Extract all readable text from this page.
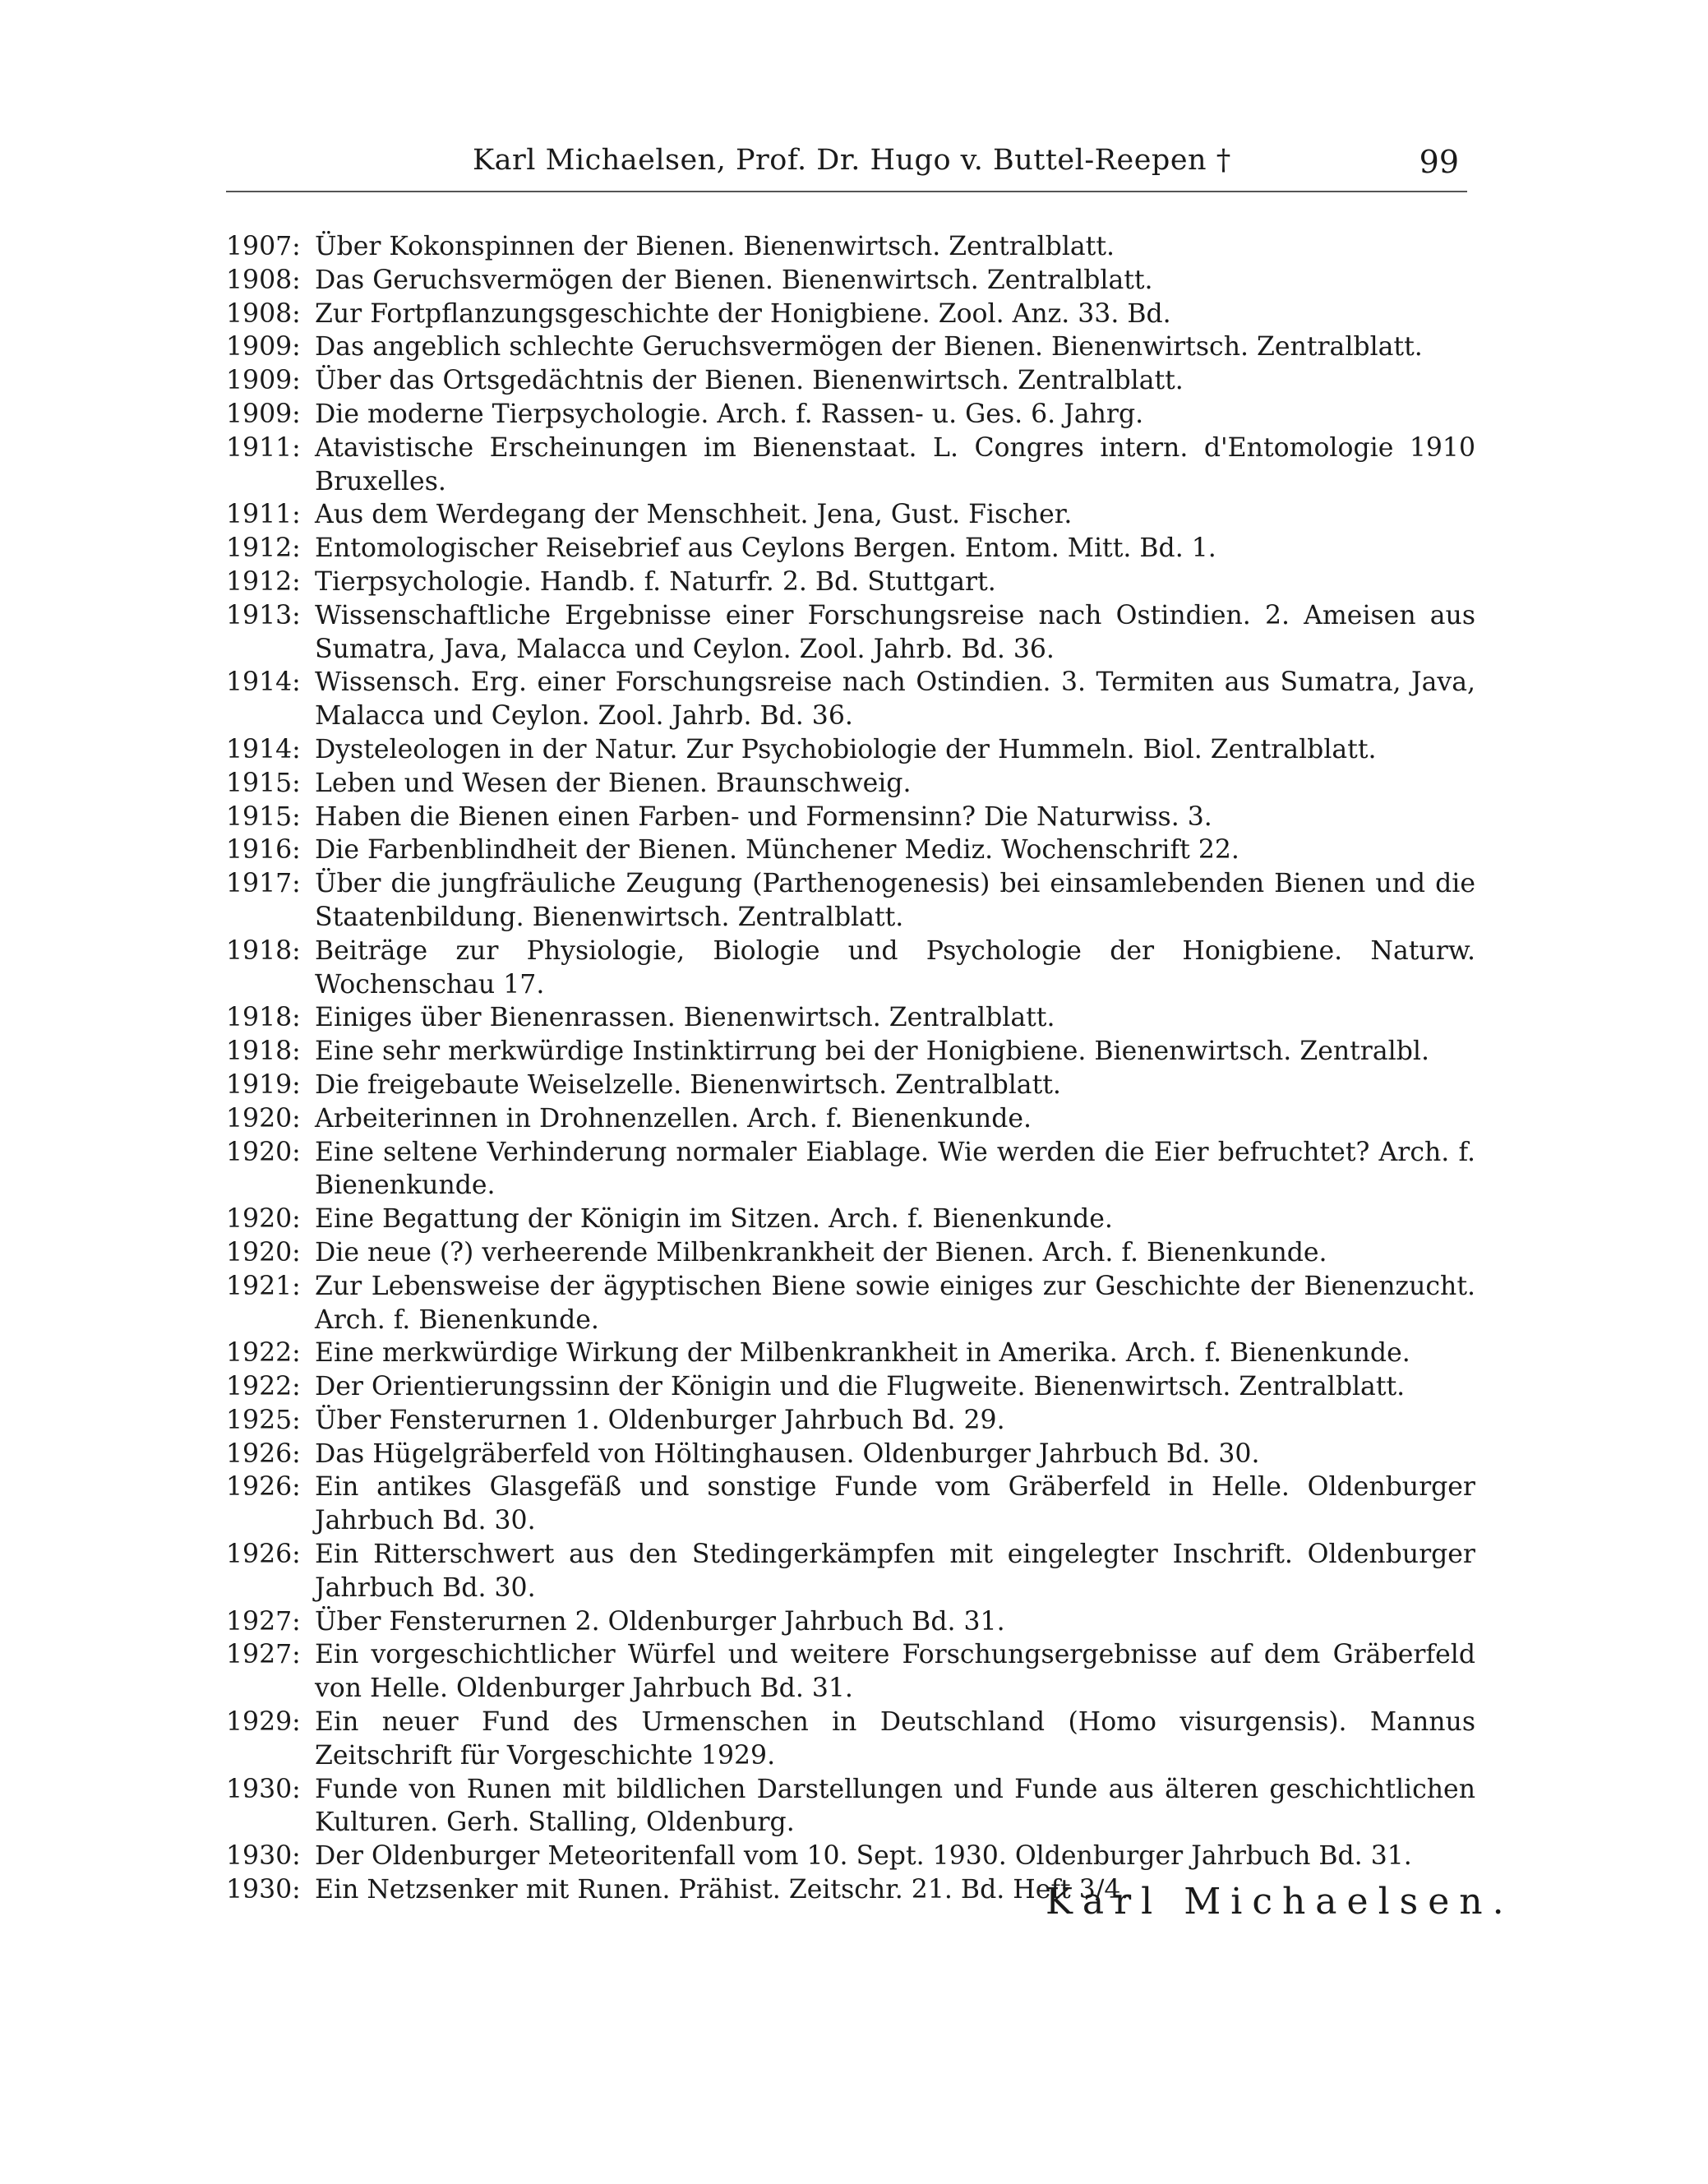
Karl Michaelsen, Prof. Dr. Hugo v. Buttel-Reepen †	99
1907: Über Kokonspinnen der Bienen. Bienenwirtsch. Zentralblatt.
1908: Das Geruchsvermögen der Bienen. Bienenwirtsch. Zentralblatt.
1908: Zur Fortpflanzungsgeschichte der Honigbiene. Zool. Anz. 33. Bd.
1909: Das angeblich schlechte Geruchsvermögen der Bienen. Bienenwirtsch. Zentralblatt.
1909: Über das Ortsgedächtnis der Bienen. Bienenwirtsch. Zentralblatt.
1909: Die moderne Tierpsychologie. Arch. f. Rassen- u. Ges. 6. Jahrg.
1911: Atavistische Erscheinungen im Bienenstaat. L. Congres intern. d'Entomologie 1910 Bruxelles.
1911: Aus dem Werdegang der Menschheit. Jena, Gust. Fischer.
1912: Entomologischer Reisebrief aus Ceylons Bergen. Entom. Mitt. Bd. 1.
1912: Tierpsychologie. Handb. f. Naturfr. 2. Bd. Stuttgart.
1913: Wissenschaftliche Ergebnisse einer Forschungsreise nach Ostindien. 2. Ameisen aus Sumatra, Java, Malacca und Ceylon. Zool. Jahrb. Bd. 36.
1914: Wissensch. Erg. einer Forschungsreise nach Ostindien. 3. Termiten aus Sumatra, Java, Malacca und Ceylon. Zool. Jahrb. Bd. 36.
1914: Dysteleologen in der Natur. Zur Psychobiologie der Hummeln. Biol. Zentralblatt.
1915: Leben und Wesen der Bienen. Braunschweig.
1915: Haben die Bienen einen Farben- und Formensinn? Die Naturwiss. 3.
1916: Die Farbenblindheit der Bienen. Münchener Mediz. Wochenschrift 22.
1917: Über die jungfräuliche Zeugung (Parthenogenesis) bei einsamlebenden Bienen und die Staatenbildung. Bienenwirtsch. Zentralblatt.
1918: Beiträge zur Physiologie, Biologie und Psychologie der Honigbiene. Naturw. Wochenschau 17.
1918: Einiges über Bienenrassen. Bienenwirtsch. Zentralblatt.
1918: Eine sehr merkwürdige Instinktirrung bei der Honigbiene. Bienenwirtsch. Zentralbl.
1919: Die freigebaute Weiselzelle. Bienenwirtsch. Zentralblatt.
1920: Arbeiterinnen in Drohnenzellen. Arch. f. Bienenkunde.
1920: Eine seltene Verhinderung normaler Eiablage. Wie werden die Eier befruchtet? Arch. f. Bienenkunde.
1920: Eine Begattung der Königin im Sitzen. Arch. f. Bienenkunde.
1920: Die neue (?) verheerende Milbenkrankheit der Bienen. Arch. f. Bienenkunde.
1921: Zur Lebensweise der ägyptischen Biene sowie einiges zur Geschichte der Bienenzucht. Arch. f. Bienenkunde.
1922: Eine merkwürdige Wirkung der Milbenkrankheit in Amerika. Arch. f. Bienenkunde.
1922: Der Orientierungssinn der Königin und die Flugweite. Bienenwirtsch. Zentralblatt.
1925: Über Fensterurnen 1. Oldenburger Jahrbuch Bd. 29.
1926: Das Hügelgräberfeld von Höltinghausen. Oldenburger Jahrbuch Bd. 30.
1926: Ein antikes Glasgefäß und sonstige Funde vom Gräberfeld in Helle. Oldenburger Jahrbuch Bd. 30.
1926: Ein Ritterschwert aus den Stedingerkämpfen mit eingelegter Inschrift. Oldenburger Jahrbuch Bd. 30.
1927: Über Fensterurnen 2. Oldenburger Jahrbuch Bd. 31.
1927: Ein vorgeschichtlicher Würfel und weitere Forschungsergebnisse auf dem Gräberfeld von Helle. Oldenburger Jahrbuch Bd. 31.
1929: Ein neuer Fund des Urmenschen in Deutschland (Homo visurgensis). Mannus Zeitschrift für Vorgeschichte 1929.
1930: Funde von Runen mit bildlichen Darstellungen und Funde aus älteren geschichtlichen Kulturen. Gerh. Stalling, Oldenburg.
1930: Der Oldenburger Meteoritenfall vom 10. Sept. 1930. Oldenburger Jahrbuch Bd. 31.
1930: Ein Netzsenker mit Runen. Prähist. Zeitschr. 21. Bd. Heft 3/4.
Karl Michaelsen.
